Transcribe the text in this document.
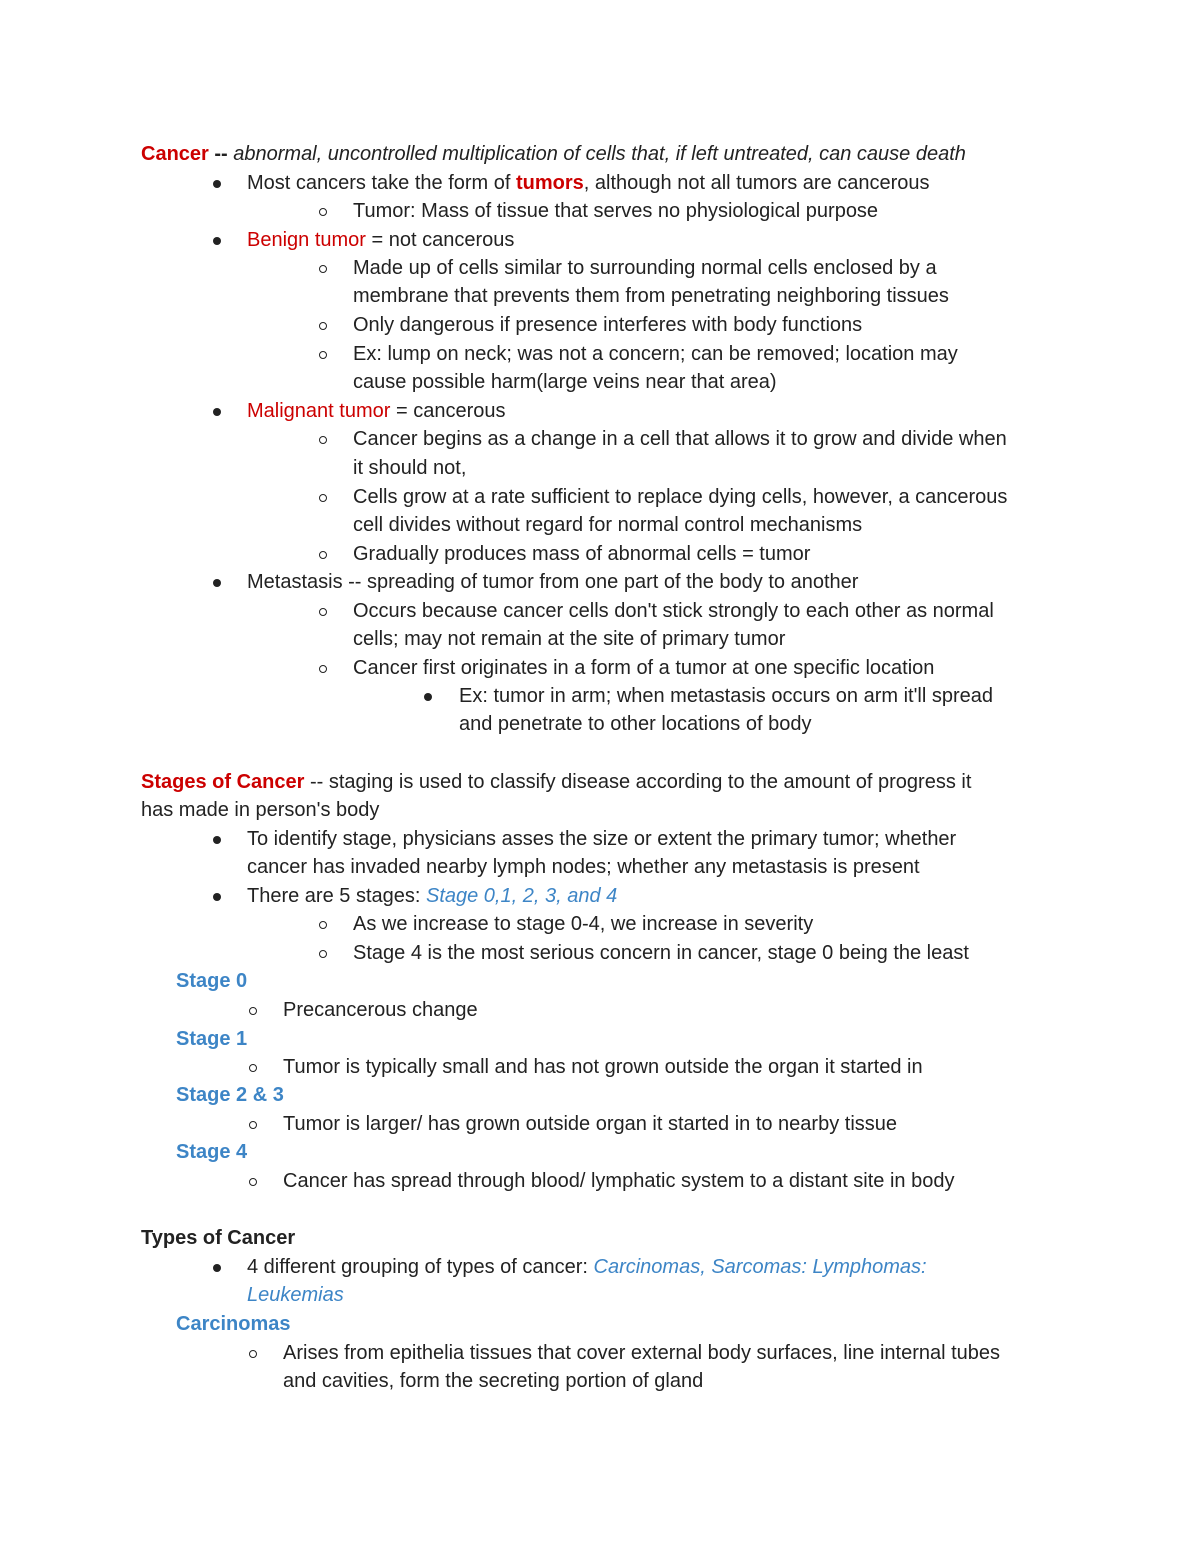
Cancer -- abnormal, uncontrolled multiplication of cells that, if left untreated, can cause death
Most cancers take the form of tumors, although not all tumors are cancerous
Tumor: Mass of tissue that serves no physiological purpose
Benign tumor = not cancerous
Made up of cells similar to surrounding normal cells enclosed by a
membrane that prevents them from penetrating neighboring tissues
Only dangerous if presence interferes with body functions
Ex: lump on neck; was not a concern; can be removed; location may
cause possible harm(large veins near that area)
Malignant tumor = cancerous
Cancer begins as a change in a cell that allows it to grow and divide when
it should not,
Cells grow at a rate sufficient to replace dying cells, however, a cancerous
cell divides without regard for normal control mechanisms
Gradually produces mass of abnormal cells = tumor
Metastasis -- spreading of tumor from one part of the body to another
Occurs because cancer cells don't stick strongly to each other as normal
cells; may not remain at the site of primary tumor
Cancer first originates in a form of a tumor at one specific location
Ex: tumor in arm; when metastasis occurs on arm it'll spread
and penetrate to other locations of body
Stages of Cancer -- staging is used to classify disease according to the amount of progress it
has made in person's body
To identify stage, physicians asses the size or extent the primary tumor; whether
cancer has invaded nearby lymph nodes; whether any metastasis is present
There are 5 stages: Stage 0,1, 2, 3, and 4
As we increase to stage 0-4, we increase in severity
Stage 4 is the most serious concern in cancer, stage 0 being the least
Stage 0
Precancerous change
Stage 1
Tumor is typically small and has not grown outside the organ it started in
Stage 2 & 3
Tumor is larger/ has grown outside organ it started in to nearby tissue
Stage 4
Cancer has spread through blood/ lymphatic system to a distant site in body
Types of Cancer
4 different grouping of types of cancer: Carcinomas, Sarcomas: Lymphomas:
Leukemias
Carcinomas
Arises from epithelia tissues that cover external body surfaces, line internal tubes
and cavities, form the secreting portion of gland
